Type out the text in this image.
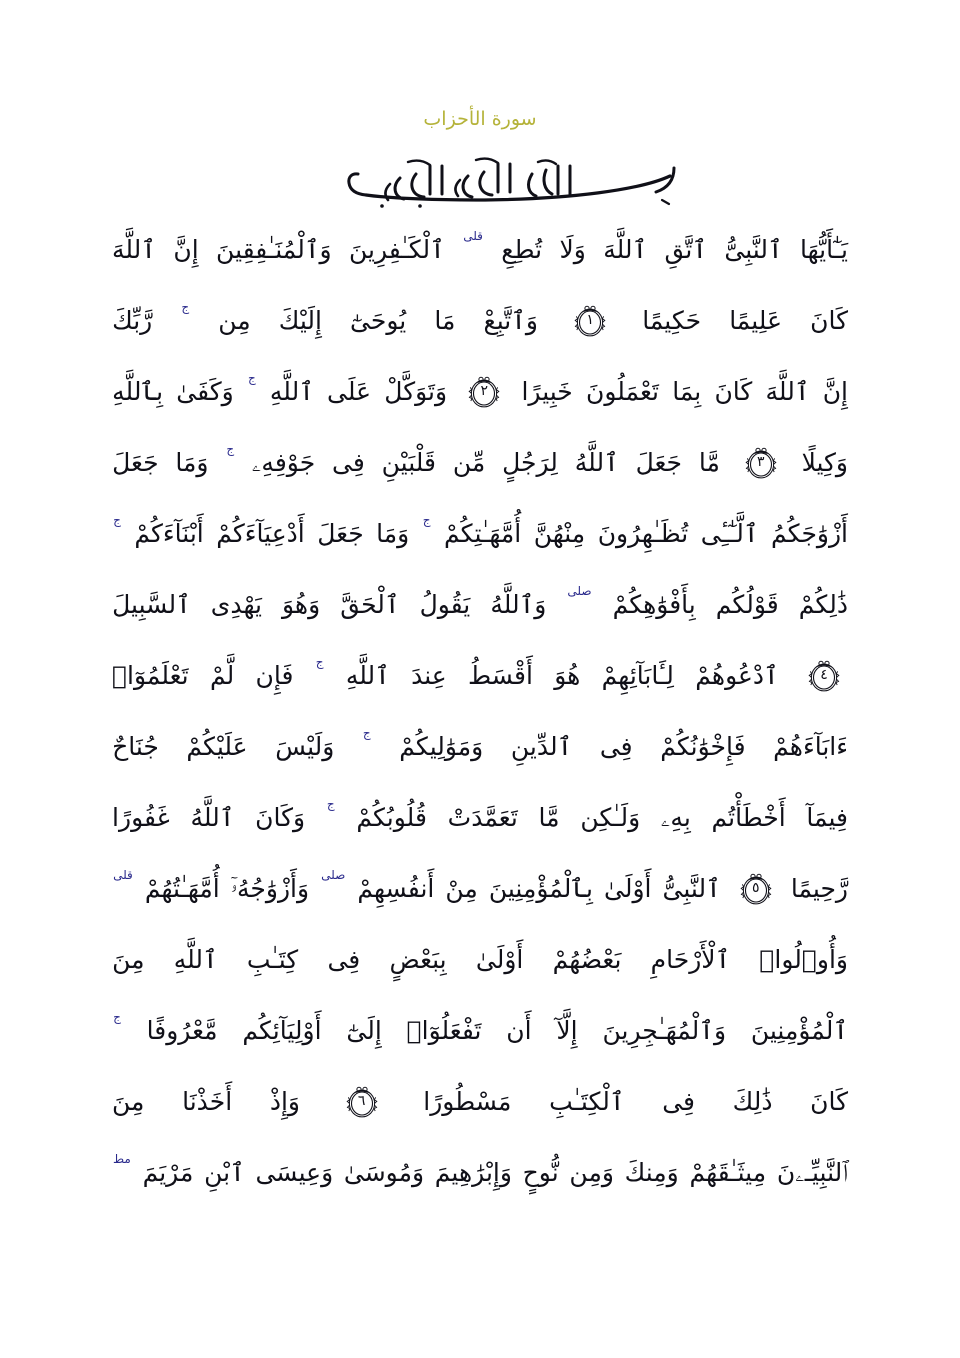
سورة الأحزاب
يَـٰٓأَيُّهَا
ٱلنَّبِىُّ
ٱتَّقِ
ٱللَّهَ
وَلَا
تُطِعِ
قلى
ٱلْكَـٰفِرِينَ
وَٱلْمُنَـٰفِقِينَ
إِنَّ
ٱللَّهَ
كَانَ
عَلِيمًا
حَكِيمًا
١
وَٱتَّبِعْ
مَا
يُوحَىٰٓ
إِلَيْكَ
مِن
ج
رَّبِّكَ
إِنَّ
ٱللَّهَ
كَانَ
بِمَا
تَعْمَلُونَ
خَبِيرًا
٢
وَتَوَكَّلْ
عَلَى
ٱللَّهِ
ج
وَكَفَىٰ
بِٱللَّهِ
وَكِيلًا
٣
مَّا
جَعَلَ
ٱللَّهُ
لِرَجُلٍ
مِّن
قَلْبَيْنِ
فِى
جَوْفِهِۦ
ج
وَمَا
جَعَلَ
أَزْوَٰجَكُمُ
ٱلَّـٰٓـِٔى
تُظَـٰهِرُونَ
مِنْهُنَّ
أُمَّهَـٰتِكُمْ
ج
وَمَا
جَعَلَ
أَدْعِيَآءَكُمْ
أَبْنَآءَكُمْ
ج
ذَٰلِكُمْ
قَوْلُكُم
بِأَفْوَٰهِكُمْ
صلى
وَٱللَّهُ
يَقُولُ
ٱلْحَقَّ
وَهُوَ
يَهْدِى
ٱلسَّبِيلَ
٤
ٱدْعُوهُمْ
لِـَٔابَآئِهِمْ
هُوَ
أَقْسَطُ
عِندَ
ٱللَّهِ
ج
فَإِن
لَّمْ
تَعْلَمُوٓا۟
ءَابَآءَهُمْ
فَإِخْوَٰنُكُمْ
فِى
ٱلدِّينِ
وَمَوَٰلِيكُمْ
ج
وَلَيْسَ
عَلَيْكُمْ
جُنَاحٌ
فِيمَآ
أَخْطَأْتُم
بِهِۦ
وَلَـٰكِن
مَّا
تَعَمَّدَتْ
قُلُوبُكُمْ
ج
وَكَانَ
ٱللَّهُ
غَفُورًا
رَّحِيمًا
٥
ٱلنَّبِىُّ
أَوْلَىٰ
بِٱلْمُؤْمِنِينَ
مِنْ
أَنفُسِهِمْ
صلى
وَأَزْوَٰجُهُۥٓ
أُمَّهَـٰتُهُمْ
قلى
وَأُو۟لُوا۟
ٱلْأَرْحَامِ
بَعْضُهُمْ
أَوْلَىٰ
بِبَعْضٍ
فِى
كِتَـٰبِ
ٱللَّهِ
مِنَ
ٱلْمُؤْمِنِينَ
وَٱلْمُهَـٰجِرِينَ
إِلَّآ
أَن
تَفْعَلُوٓا۟
إِلَىٰٓ
أَوْلِيَآئِكُم
مَّعْرُوفًا
ج
كَانَ
ذَٰلِكَ
فِى
ٱلْكِتَـٰبِ
مَسْطُورًا
٦
وَإِذْ
أَخَذْنَا
مِنَ
ٱلنَّبِيِّـۦنَ
مِيثَـٰقَهُمْ
وَمِنكَ
وَمِن
نُّوحٍ
وَإِبْرَٰهِيمَ
وَمُوسَىٰ
وَعِيسَى
ٱبْنِ
مَرْيَمَ
مط
